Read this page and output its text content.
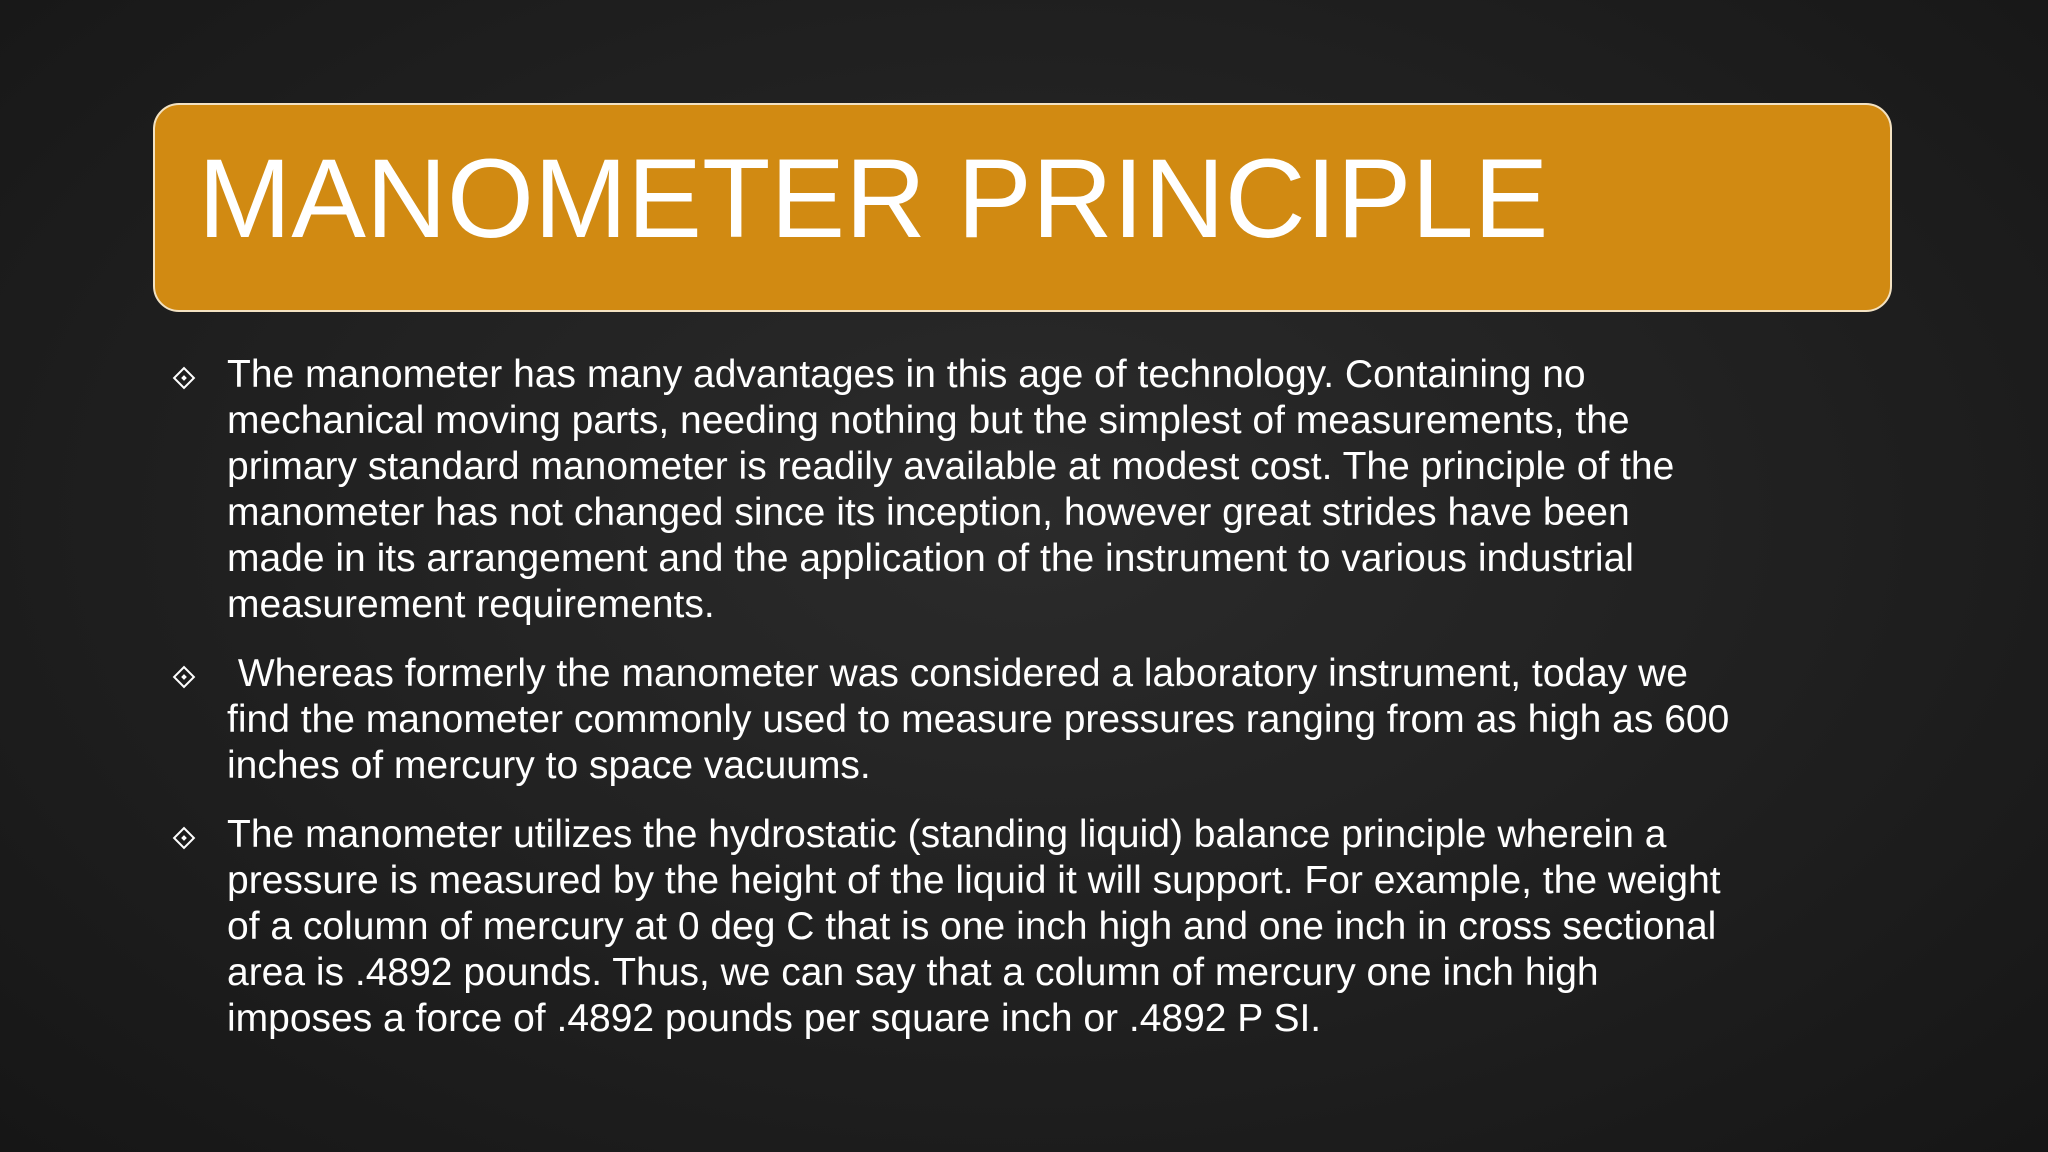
MANOMETER PRINCIPLE
The manometer has many advantages in this age of technology. Containing no
mechanical moving parts, needing nothing but the simplest of measurements, the
primary standard manometer is readily available at modest cost. The principle of the
manometer has not changed since its inception, however great strides have been
made in its arrangement and the application of the instrument to various industrial
measurement requirements.
Whereas formerly the manometer was considered a laboratory instrument, today we
find the manometer commonly used to measure pressures ranging from as high as 600
inches of mercury to space vacuums.
The manometer utilizes the hydrostatic (standing liquid) balance principle wherein a
pressure is measured by the height of the liquid it will support. For example, the weight
of a column of mercury at 0 deg C that is one inch high and one inch in cross sectional
area is .4892 pounds. Thus, we can say that a column of mercury one inch high
imposes a force of .4892 pounds per square inch or .4892 P SI.
